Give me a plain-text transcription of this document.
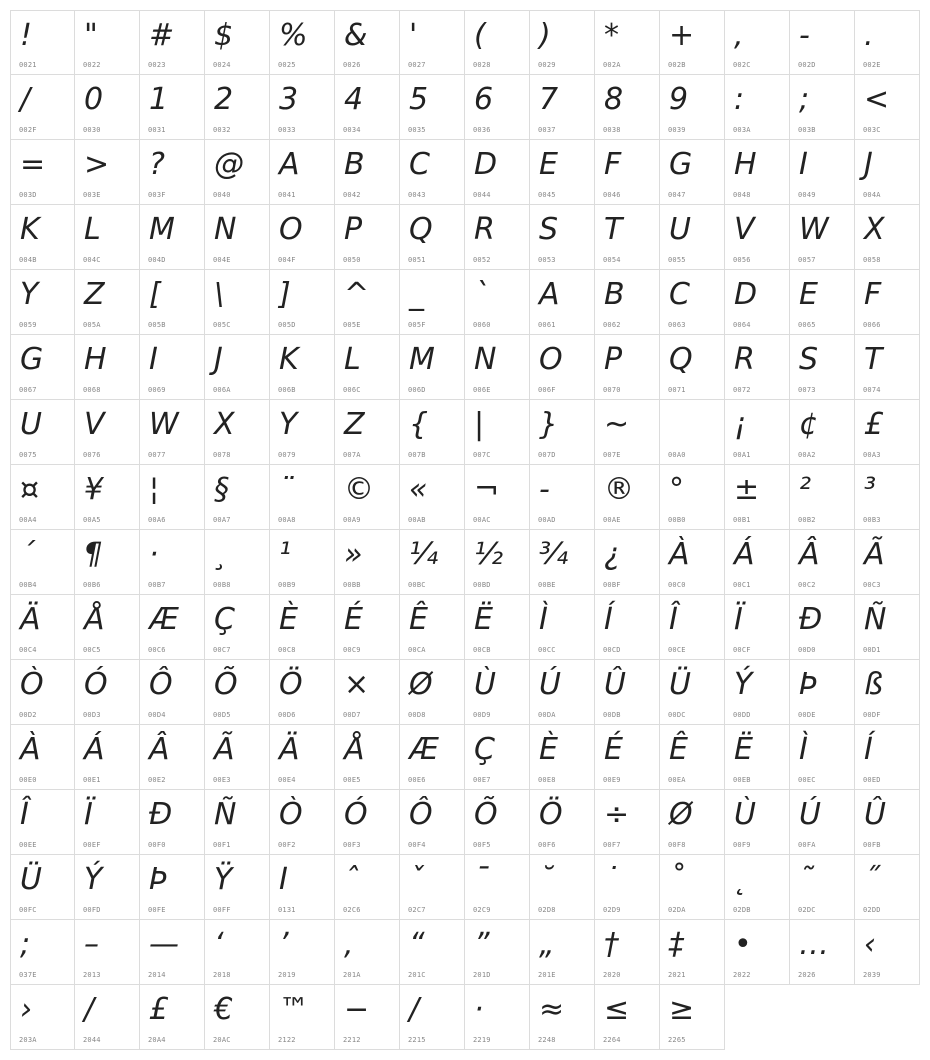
!
0021
"
0022
#
0023
$
0024
%
0025
&
0026
'
0027
(
0028
)
0029
*
002A
+
002B
,
002C
-
002D
.
002E
/
002F
0
0030
1
0031
2
0032
3
0033
4
0034
5
0035
6
0036
7
0037
8
0038
9
0039
:
003A
;
003B
<
003C
=
003D
>
003E
?
003F
@
0040
A
0041
B
0042
C
0043
D
0044
E
0045
F
0046
G
0047
H
0048
I
0049
J
004A
K
004B
L
004C
M
004D
N
004E
O
004F
P
0050
Q
0051
R
0052
S
0053
T
0054
U
0055
V
0056
W
0057
X
0058
Y
0059
Z
005A
[
005B
\
005C
]
005D
^
005E
_
005F
`
0060
A
0061
B
0062
C
0063
D
0064
E
0065
F
0066
G
0067
H
0068
I
0069
J
006A
K
006B
L
006C
M
006D
N
006E
O
006F
P
0070
Q
0071
R
0072
S
0073
T
0074
U
0075
V
0076
W
0077
X
0078
Y
0079
Z
007A
{
007B
|
007C
}
007D
~
007E	00A0
¡
00A1
¢
00A2
£
00A3
¤
00A4
¥
00A5
¦
00A6
§
00A7
¨
00A8
©
00A9
«
00AB
¬
00AC
-
00AD
®
00AE
°
00B0
±
00B1
²
00B2
³
00B3
´
00B4
¶
00B6
·
00B7
¸
00B8
¹
00B9
»
00BB
¼
00BC
½
00BD
¾
00BE
¿
00BF
À
00C0
Á
00C1
Â
00C2
Ã
00C3
Ä
00C4
Å
00C5
Æ
00C6
Ç
00C7
È
00C8
É
00C9
Ê
00CA
Ë
00CB
Ì
00CC
Í
00CD
Î
00CE
Ï
00CF
Đ
00D0
Ñ
00D1
Ò
00D2
Ó
00D3
Ô
00D4
Õ
00D5
Ö
00D6
×
00D7
Ø
00D8
Ù
00D9
Ú
00DA
Û
00DB
Ü
00DC
Ý
00DD
Þ
00DE
ß
00DF
À
00E0
Á
00E1
Â
00E2
Ã
00E3
Ä
00E4
Å
00E5
Æ
00E6
Ç
00E7
È
00E8
É
00E9
Ê
00EA
Ë
00EB
Ì
00EC
Í
00ED
Î
00EE
Ï
00EF
Đ
00F0
Ñ
00F1
Ò
00F2
Ó
00F3
Ô
00F4
Õ
00F5
Ö
00F6
÷
00F7
Ø
00F8
Ù
00F9
Ú
00FA
Û
00FB
Ü
00FC
Ý
00FD
Þ
00FE
Ÿ
00FF
I
0131
ˆ
02C6
ˇ
02C7
ˉ
02C9
˘
02D8
˙
02D9
˚
02DA
˛
02DB
˜
02DC
˝
02DD
;
037E
–
2013
—
2014
‘
2018
’
2019
‚
201A
“
201C
”
201D
„
201E
†
2020
‡
2021
•
2022
…
2026
‹
2039
›
203A
/
2044
£
20A4
€
20AC
™
2122
−
2212
/
2215
·
2219
≈
2248
≤
2264
≥
2265
